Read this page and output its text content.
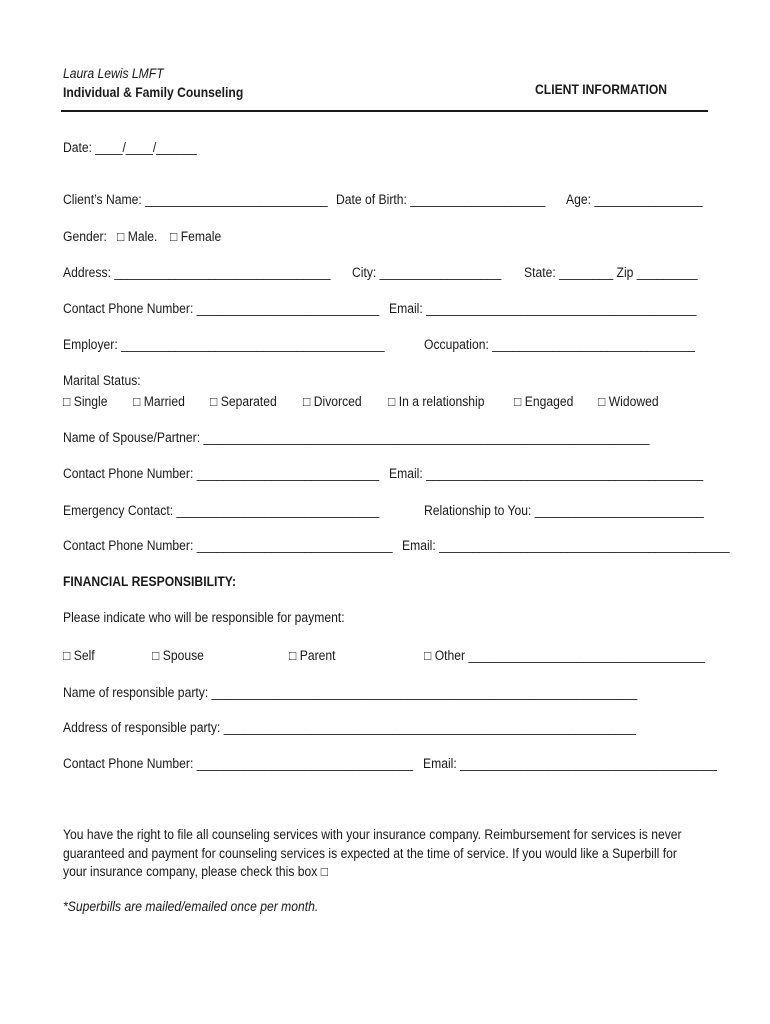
Laura Lewis LMFT
Individual & Family Counseling	CLIENT INFORMATION
Date: ____/____/______
Client’s Name: ___________________________ Date of Birth: ____________________ Age: ________________
Gender: □ Male. □ Female
Address: ________________________________ City: __________________ State: ________ Zip _________
Contact Phone Number: ___________________________ Email: ________________________________________
Employer: _______________________________________	Occupation: ______________________________
Marital Status:
□ Single □ Married □ Separated □ Divorced □ In a relationship □ Engaged □ Widowed
Name of Spouse/Partner: __________________________________________________________________
Contact Phone Number: ___________________________ Email: _________________________________________
Emergency Contact: ______________________________	Relationship to You: _________________________
Contact Phone Number: _____________________________ Email: ___________________________________________
FINANCIAL RESPONSIBILITY:
Please indicate who will be responsible for payment:
□ Self	□ Spouse	□ Parent	□ Other ___________________________________
Name of responsible party: _______________________________________________________________
Address of responsible party: _____________________________________________________________
Contact Phone Number: ________________________________ Email: ______________________________________
You have the right to file all counseling services with your insurance company. Reimbursement for services is never
guaranteed and payment for counseling services is expected at the time of service. If you would like a Superbill for
your insurance company, please check this box □
*Superbills are mailed/emailed once per month.
